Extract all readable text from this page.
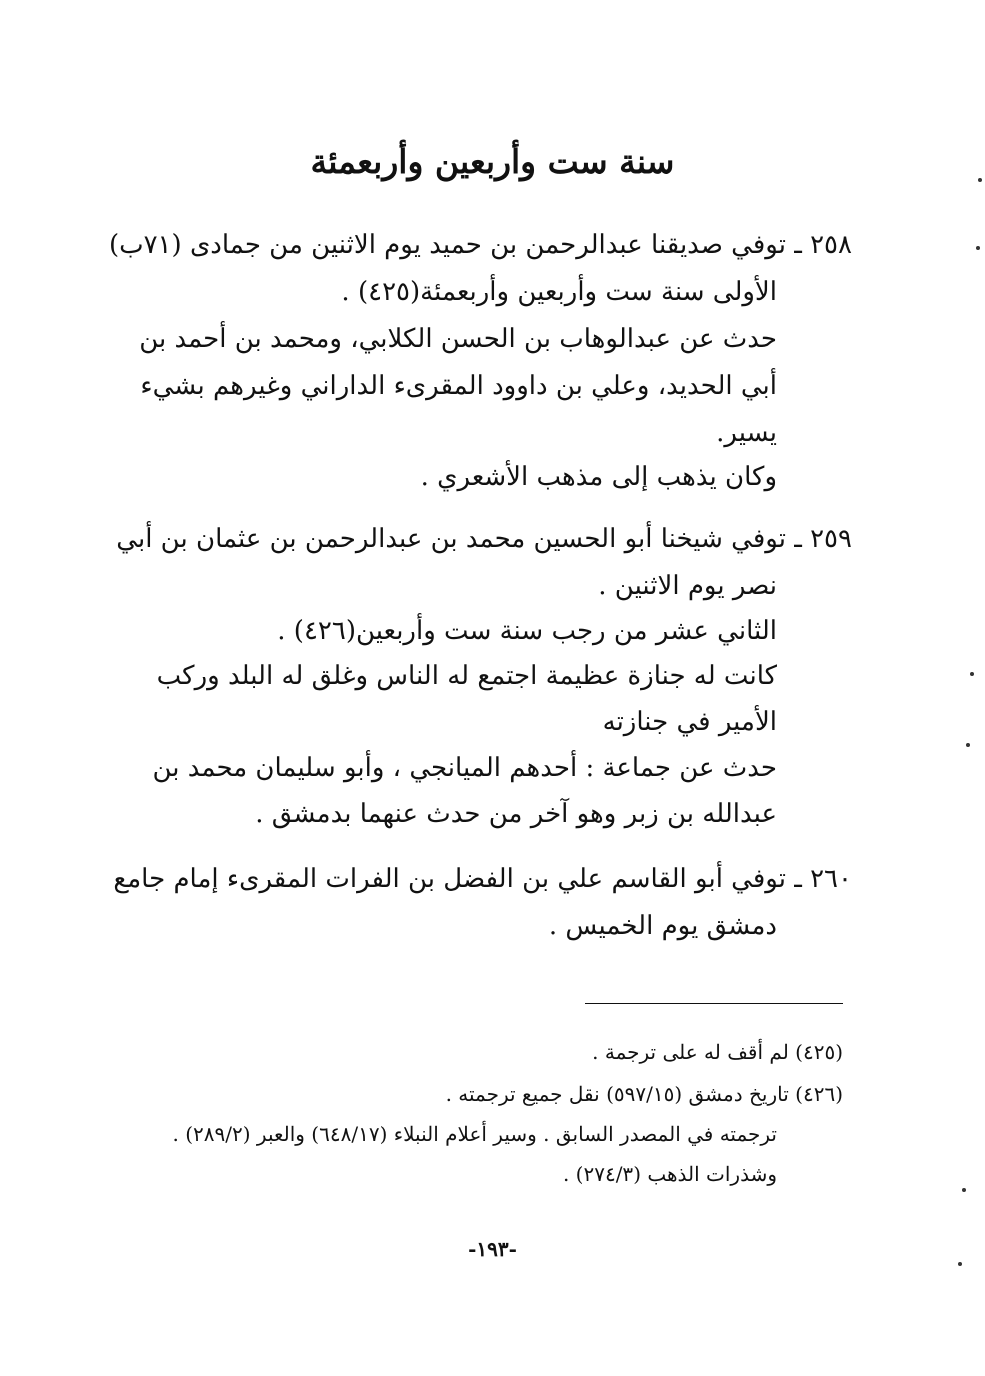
سنة ست وأربعين وأربعمئة
٢٥٨ ـ توفي صديقنا عبدالرحمن بن حميد يوم الاثنين من جمادى (٧١ب)
الأولى سنة ست وأربعين وأربعمئة(٤٢٥) .
حدث عن عبدالوهاب بن الحسن الكلابي، ومحمد بن أحمد بن
أبي الحديد، وعلي بن داوود المقرىء الداراني وغيرهم بشيء
يسير.
وكان يذهب إلى مذهب الأشعري .
٢٥٩ ـ توفي شيخنا أبو الحسين محمد بن عبدالرحمن بن عثمان بن أبي
نصر يوم الاثنين .
الثاني عشر من رجب سنة ست وأربعين(٤٢٦) .
كانت له جنازة عظيمة اجتمع له الناس وغلق له البلد وركب
الأمير في جنازته
حدث عن جماعة : أحدهم الميانجي ، وأبو سليمان محمد بن
عبدالله بن زبر وهو آخر من حدث عنهما بدمشق .
٢٦٠ ـ توفي أبو القاسم علي بن الفضل بن الفرات المقرىء إمام جامع
دمشق يوم الخميس .
(٤٢٥) لم أقف له على ترجمة .
(٤٢٦) تاريخ دمشق (٥٩٧/١٥) نقل جميع ترجمته .
ترجمته في المصدر السابق . وسير أعلام النبلاء (٦٤٨/١٧) والعبر (٢٨٩/٢) .
وشذرات الذهب (٢٧٤/٣) .
-١٩٣-
